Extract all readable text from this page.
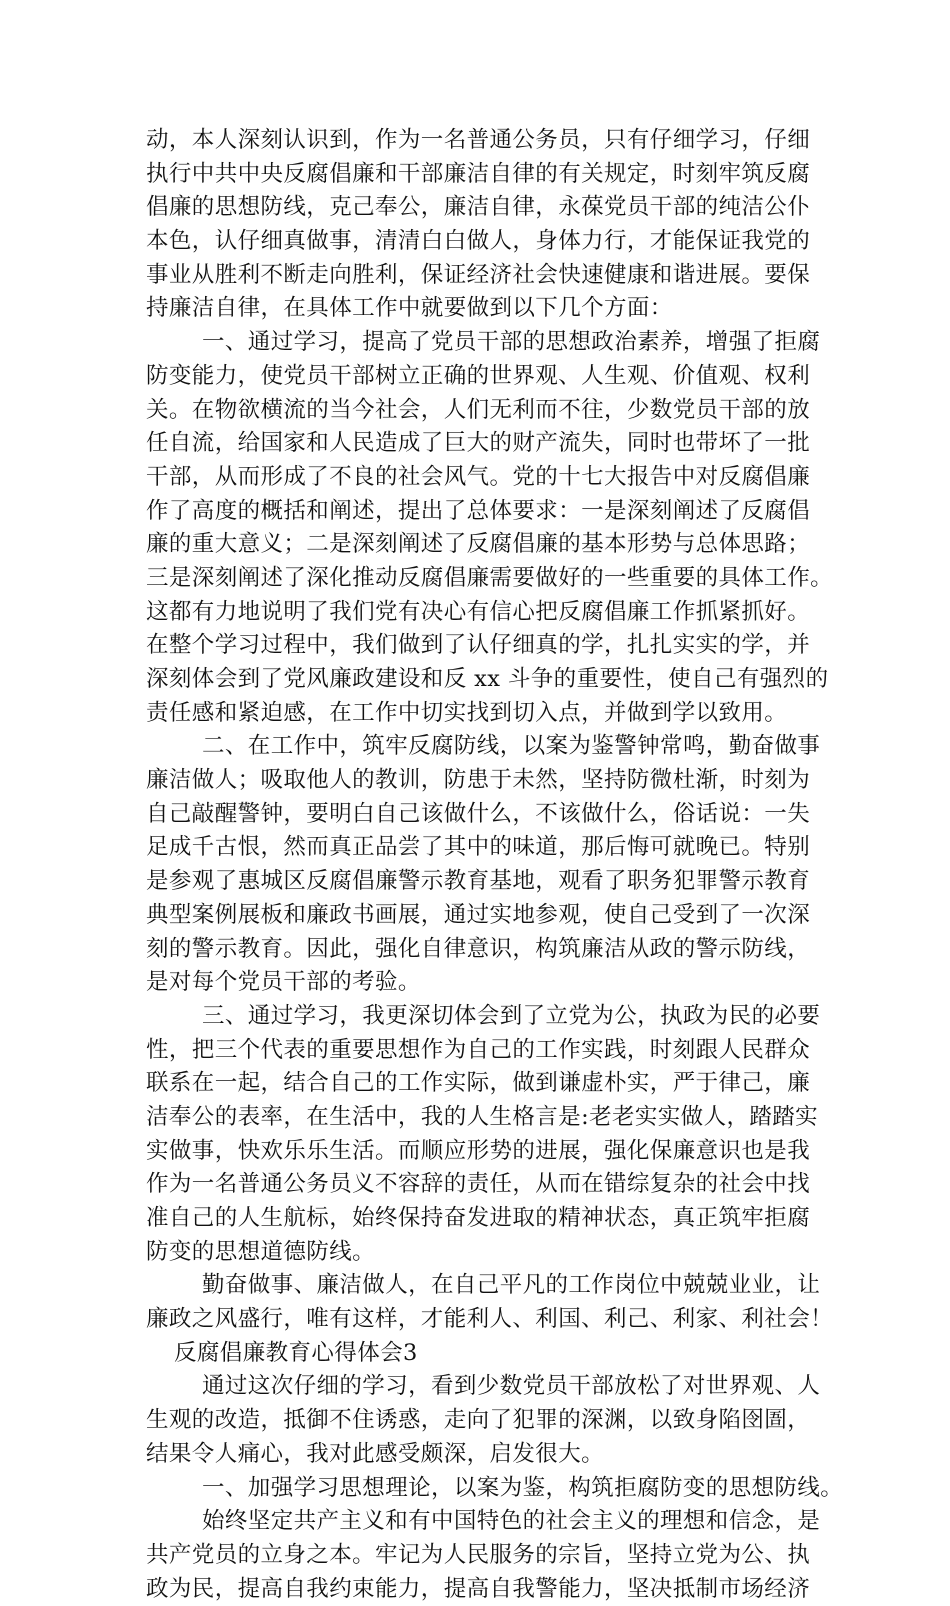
动，本人深刻认识到，作为一名普通公务员，只有仔细学习，仔细
执行中共中央反腐倡廉和干部廉洁自律的有关规定，时刻牢筑反腐
倡廉的思想防线，克己奉公，廉洁自律，永葆党员干部的纯洁公仆
本色，认仔细真做事，清清白白做人，身体力行，才能保证我党的
事业从胜利不断走向胜利，保证经济社会快速健康和谐进展。要保
持廉洁自律，在具体工作中就要做到以下几个方面：
一、通过学习，提高了党员干部的思想政治素养，增强了拒腐
防变能力，使党员干部树立正确的世界观、人生观、价值观、权利
关。在物欲横流的当今社会，人们无利而不往，少数党员干部的放
任自流，给国家和人民造成了巨大的财产流失，同时也带坏了一批
干部，从而形成了不良的社会风气。党的十七大报告中对反腐倡廉
作了高度的概括和阐述，提出了总体要求：一是深刻阐述了反腐倡
廉的重大意义；二是深刻阐述了反腐倡廉的基本形势与总体思路；
三是深刻阐述了深化推动反腐倡廉需要做好的一些重要的具体工作。
这都有力地说明了我们党有决心有信心把反腐倡廉工作抓紧抓好。
在整个学习过程中，我们做到了认仔细真的学，扎扎实实的学，并
深刻体会到了党风廉政建设和反 xx 斗争的重要性，使自己有强烈的
责任感和紧迫感，在工作中切实找到切入点，并做到学以致用。
二、在工作中，筑牢反腐防线，以案为鉴警钟常鸣，勤奋做事
廉洁做人；吸取他人的教训，防患于未然，坚持防微杜渐，时刻为
自己敲醒警钟，要明白自己该做什么，不该做什么，俗话说：一失
足成千古恨，然而真正品尝了其中的味道，那后悔可就晚已。特别
是参观了惠城区反腐倡廉警示教育基地，观看了职务犯罪警示教育
典型案例展板和廉政书画展，通过实地参观，使自己受到了一次深
刻的警示教育。因此，强化自律意识，构筑廉洁从政的警示防线，
是对每个党员干部的考验。
三、通过学习，我更深切体会到了立党为公，执政为民的必要
性，把三个代表的重要思想作为自己的工作实践，时刻跟人民群众
联系在一起，结合自己的工作实际，做到谦虚朴实，严于律己，廉
洁奉公的表率，在生活中，我的人生格言是:老老实实做人，踏踏实
实做事，快欢乐乐生活。而顺应形势的进展，强化保廉意识也是我
作为一名普通公务员义不容辞的责任，从而在错综复杂的社会中找
准自己的人生航标，始终保持奋发进取的精神状态，真正筑牢拒腐
防变的思想道德防线。
勤奋做事、廉洁做人，在自己平凡的工作岗位中兢兢业业，让
廉政之风盛行，唯有这样，才能利人、利国、利己、利家、利社会！
反腐倡廉教育心得体会3
通过这次仔细的学习，看到少数党员干部放松了对世界观、人
生观的改造，抵御不住诱惑，走向了犯罪的深渊，以致身陷囹圄，
结果令人痛心，我对此感受颇深，启发很大。
一、加强学习思想理论，以案为鉴，构筑拒腐防变的思想防线。
始终坚定共产主义和有中国特色的社会主义的理想和信念，是
共产党员的立身之本。牢记为人民服务的宗旨，坚持立党为公、执
政为民，提高自我约束能力，提高自我警能力，坚决抵制市场经济
